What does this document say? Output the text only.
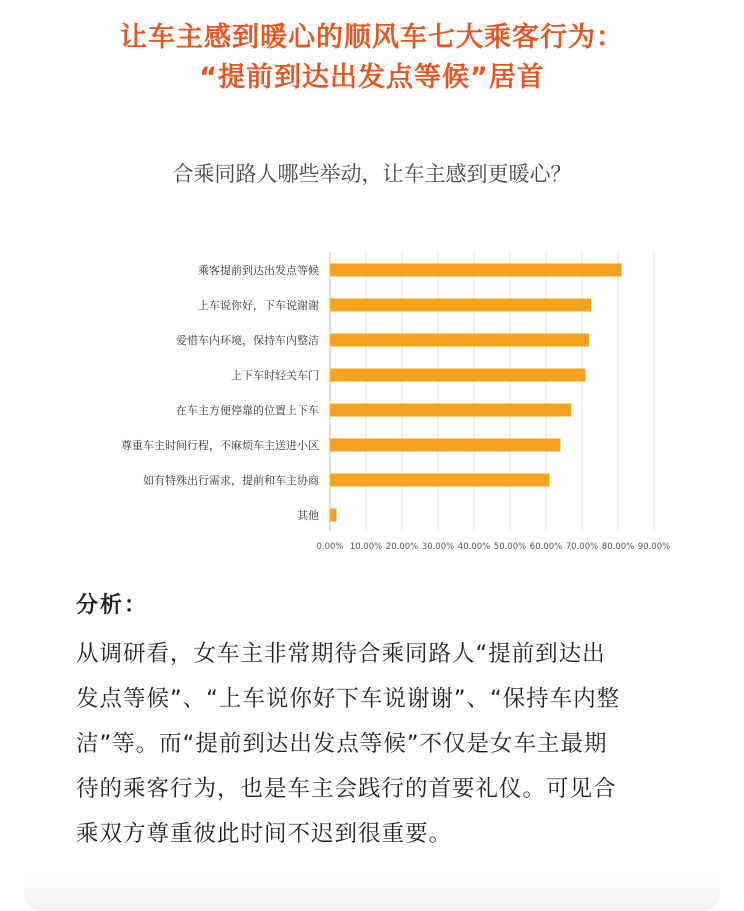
让车主感到暖心的顺风车七大乘客行为：
“提前到达出发点等候”居首
合乘同路人哪些举动，让车主感到更暖心？
0.00% 10.00% 20.00% 30.00% 40.00% 50.00% 60.00% 70.00% 80.00% 90.00%
乘客提前到达出发点等候
上车说你好，下车说谢谢
爱惜车内环境，保持车内整洁
上下车时轻关车门
在车主方便停靠的位置上下车
尊重车主时间行程，不麻烦车主送进小区
如有特殊出行需求，提前和车主协商
其他
分析：
从调研看，女车主非常期待合乘同路人“提前到达出
发点等候”、“上车说你好下车说谢谢”、“保持车内整
洁”等。而“提前到达出发点等候”不仅是女车主最期
待的乘客行为，也是车主会践行的首要礼仪。可见合
乘双方尊重彼此时间不迟到很重要。
